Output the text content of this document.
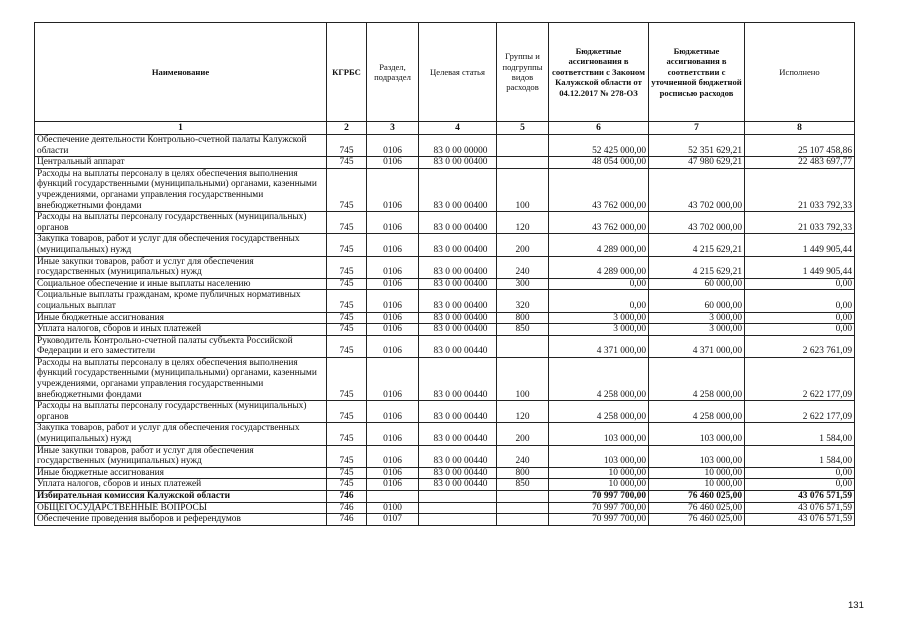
Наименование	КГРБС	Раздел, подраздел	Целевая статья	Группы и подгруппы видов расходов	Бюджетные ассигнования в соответствии с Законом Калужской области от 04.12.2017 № 278-ОЗ	Бюджетные ассигнования в соответствии с уточненной бюджетной росписью расходов	Исполнено
1	2	3	4	5	6	7	8
Обеспечение деятельности Контрольно-счетной палаты Калужской области	745	0106	83 0 00 00000		52 425 000,00	52 351 629,21	25 107 458,86
Центральный аппарат	745	0106	83 0 00 00400		48 054 000,00	47 980 629,21	22 483 697,77
Расходы на выплаты персоналу в целях обеспечения выполнения функций государственными (муниципальными) органами, казенными учреждениями, органами управления государственными внебюджетными фондами	745	0106	83 0 00 00400	100	43 762 000,00	43 702 000,00	21 033 792,33
Расходы на выплаты персоналу государственных (муниципальных) органов	745	0106	83 0 00 00400	120	43 762 000,00	43 702 000,00	21 033 792,33
Закупка товаров, работ и услуг для обеспечения государственных (муниципальных) нужд	745	0106	83 0 00 00400	200	4 289 000,00	4 215 629,21	1 449 905,44
Иные закупки товаров, работ и услуг для обеспечения государственных (муниципальных) нужд	745	0106	83 0 00 00400	240	4 289 000,00	4 215 629,21	1 449 905,44
Социальное обеспечение и иные выплаты населению	745	0106	83 0 00 00400	300	0,00	60 000,00	0,00
Социальные выплаты гражданам, кроме публичных нормативных социальных выплат	745	0106	83 0 00 00400	320	0,00	60 000,00	0,00
Иные бюджетные ассигнования	745	0106	83 0 00 00400	800	3 000,00	3 000,00	0,00
Уплата налогов, сборов и иных платежей	745	0106	83 0 00 00400	850	3 000,00	3 000,00	0,00
Руководитель Контрольно-счетной палаты субъекта Российской Федерации и его заместители	745	0106	83 0 00 00440		4 371 000,00	4 371 000,00	2 623 761,09
Расходы на выплаты персоналу в целях обеспечения выполнения функций государственными (муниципальными) органами, казенными учреждениями, органами управления государственными внебюджетными фондами	745	0106	83 0 00 00440	100	4 258 000,00	4 258 000,00	2 622 177,09
Расходы на выплаты персоналу государственных (муниципальных) органов	745	0106	83 0 00 00440	120	4 258 000,00	4 258 000,00	2 622 177,09
Закупка товаров, работ и услуг для обеспечения государственных (муниципальных) нужд	745	0106	83 0 00 00440	200	103 000,00	103 000,00	1 584,00
Иные закупки товаров, работ и услуг для обеспечения государственных (муниципальных) нужд	745	0106	83 0 00 00440	240	103 000,00	103 000,00	1 584,00
Иные бюджетные ассигнования	745	0106	83 0 00 00440	800	10 000,00	10 000,00	0,00
Уплата налогов, сборов и иных платежей	745	0106	83 0 00 00440	850	10 000,00	10 000,00	0,00
Избирательная комиссия Калужской области	746				70 997 700,00	76 460 025,00	43 076 571,59
ОБЩЕГОСУДАРСТВЕННЫЕ ВОПРОСЫ	746	0100			70 997 700,00	76 460 025,00	43 076 571,59
Обеспечение проведения выборов и референдумов	746	0107			70 997 700,00	76 460 025,00	43 076 571,59
131
